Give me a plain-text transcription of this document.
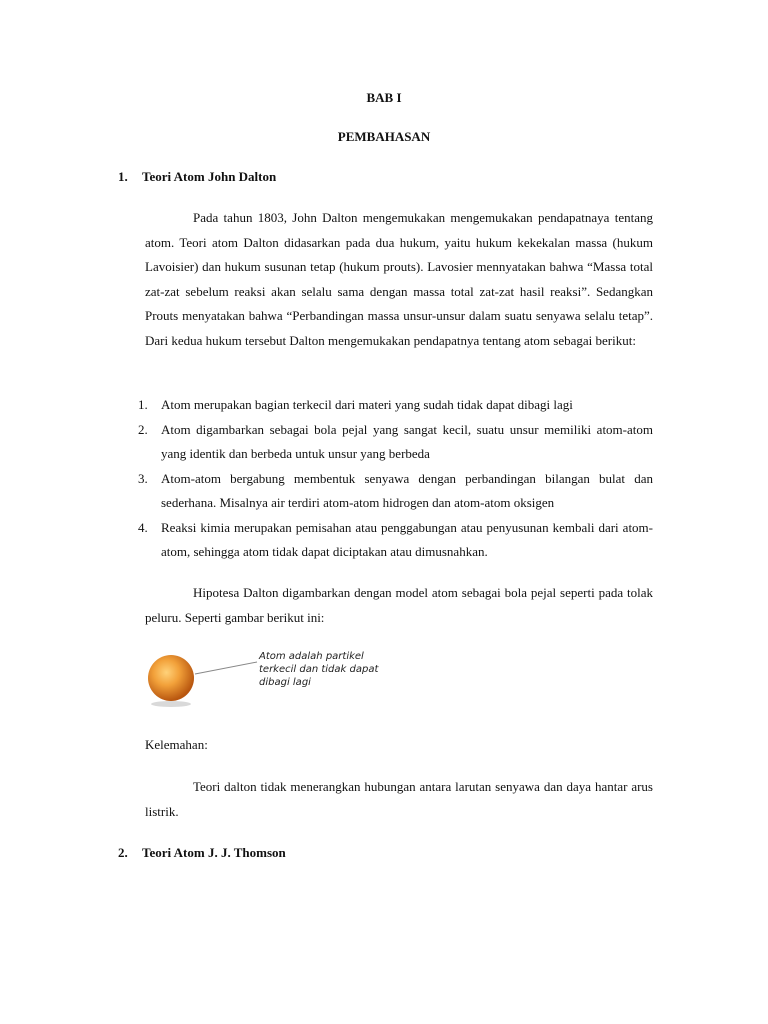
BAB I
PEMBAHASAN
1. Teori Atom John Dalton
Pada tahun 1803, John Dalton mengemukakan mengemukakan pendapatnaya tentang atom. Teori atom Dalton didasarkan pada dua hukum, yaitu hukum kekekalan massa (hukum Lavoisier) dan hukum susunan tetap (hukum prouts). Lavosier mennyatakan bahwa “Massa total zat-zat sebelum reaksi akan selalu sama dengan massa total zat-zat hasil reaksi”. Sedangkan Prouts menyatakan bahwa “Perbandingan massa unsur-unsur dalam suatu senyawa selalu tetap”. Dari kedua hukum tersebut Dalton mengemukakan pendapatnya tentang atom sebagai berikut:
1. Atom merupakan bagian terkecil dari materi yang sudah tidak dapat dibagi lagi
2. Atom digambarkan sebagai bola pejal yang sangat kecil, suatu unsur memiliki atom-atom yang identik dan berbeda untuk unsur yang berbeda
3. Atom-atom bergabung membentuk senyawa dengan perbandingan bilangan bulat dan sederhana. Misalnya air terdiri atom-atom hidrogen dan atom-atom oksigen
4. Reaksi kimia merupakan pemisahan atau penggabungan atau penyusunan kembali dari atom-atom, sehingga atom tidak dapat diciptakan atau dimusnahkan.
Hipotesa Dalton digambarkan dengan model atom sebagai bola pejal seperti pada tolak peluru. Seperti gambar berikut ini:
Atom adalah partikel terkecil dan tidak dapat dibagi lagi
Kelemahan:
Teori dalton tidak menerangkan hubungan antara larutan senyawa dan daya hantar arus listrik.
2. Teori Atom J. J. Thomson
